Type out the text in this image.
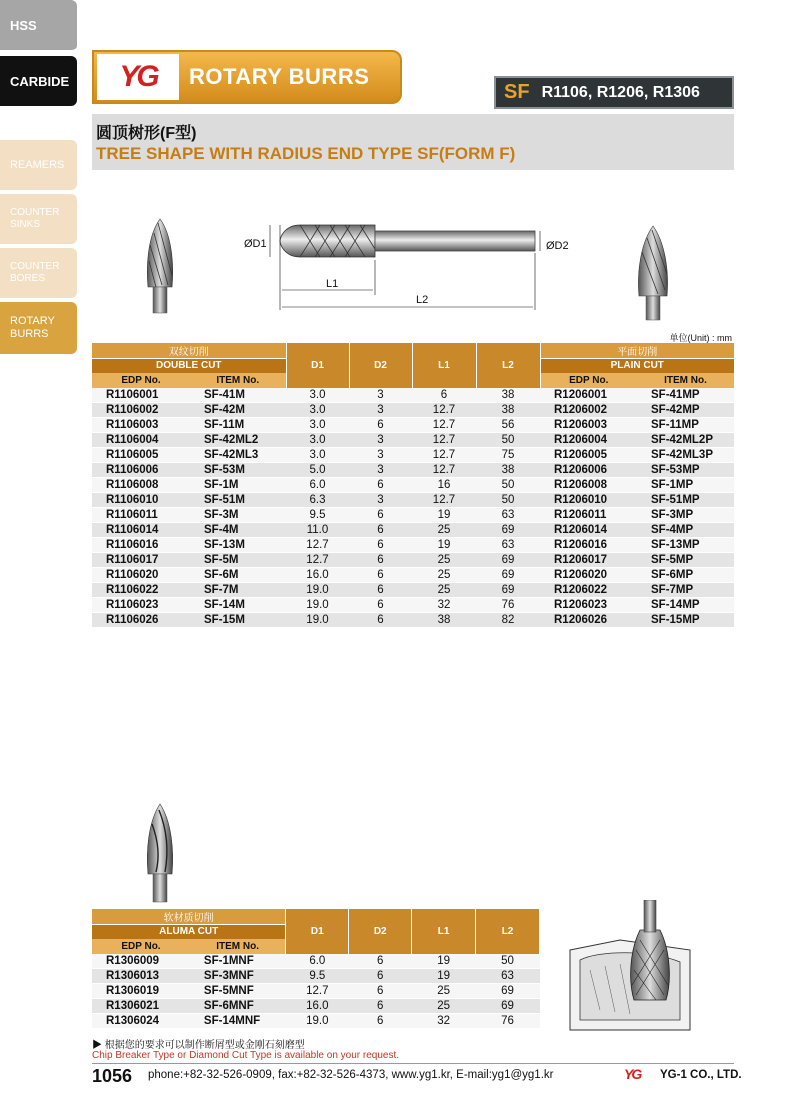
HSS
CARBIDE
REAMERS
COUNTER
SINKS
COUNTER
BORES
ROTARY
BURRS
YG	ROTARY BURRS
SF R1106, R1206, R1306
圆顶树形(F型)
TREE SHAPE WITH RADIUS END TYPE SF(FORM F)
ØD1	ØD2
L1
L2
单位(Unit) : mm
双纹切削		D1	D2	L1	L2	平面切削	
DOUBLE CUT						PLAIN CUT	
EDP No.	ITEM No.					EDP No.	ITEM No.
R1106001	SF-41M	3.0	3	6	38	R1206001	SF-41MP
R1106002	SF-42M	3.0	3	12.7	38	R1206002	SF-42MP
R1106003	SF-11M	3.0	6	12.7	56	R1206003	SF-11MP
R1106004	SF-42ML2	3.0	3	12.7	50	R1206004	SF-42ML2P
R1106005	SF-42ML3	3.0	3	12.7	75	R1206005	SF-42ML3P
R1106006	SF-53M	5.0	3	12.7	38	R1206006	SF-53MP
R1106008	SF-1M	6.0	6	16	50	R1206008	SF-1MP
R1106010	SF-51M	6.3	3	12.7	50	R1206010	SF-51MP
R1106011	SF-3M	9.5	6	19	63	R1206011	SF-3MP
R1106014	SF-4M	11.0	6	25	69	R1206014	SF-4MP
R1106016	SF-13M	12.7	6	19	63	R1206016	SF-13MP
R1106017	SF-5M	12.7	6	25	69	R1206017	SF-5MP
R1106020	SF-6M	16.0	6	25	69	R1206020	SF-6MP
R1106022	SF-7M	19.0	6	25	69	R1206022	SF-7MP
R1106023	SF-14M	19.0	6	32	76	R1206023	SF-14MP
R1106026	SF-15M	19.0	6	38	82	R1206026	SF-15MP
软材质切削		D1	D2	L1	L2
ALUMA CUT					
EDP No.	ITEM No.				
R1306009	SF-1MNF	6.0	6	19	50
R1306013	SF-3MNF	9.5	6	19	63
R1306019	SF-5MNF	12.7	6	25	69
R1306021	SF-6MNF	16.0	6	25	69
R1306024	SF-14MNF	19.0	6	32	76
▶ 根据您的要求可以制作断屑型或金刚石刻磨型
Chip Breaker Type or Diamond Cut Type is available on your request.
1056 phone:+82-32-526-0909, fax:+82-32-526-4373, www.yg1.kr, E-mail:yg1@yg1.kr	YG YG-1 CO., LTD.
